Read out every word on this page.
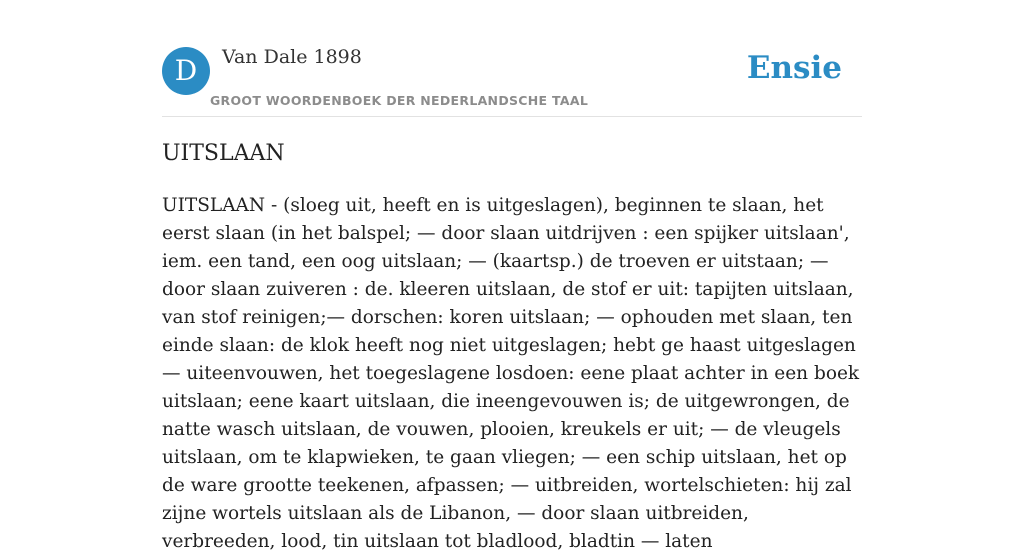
D	Van Dale 1898
GROOT WOORDENBOEK DER NEDERLANDSCHE TAAL
Ensie
UITSLAAN

UITSLAAN - (sloeg uit, heeft en is uitgeslagen), beginnen te slaan, het eerst slaan (in het balspel; — door slaan uitdrijven : een spijker uitslaan', iem. een tand, een oog uitslaan; — (kaartsp.) de troeven er uitstaan; — door slaan zuiveren : de. kleeren uitslaan, de stof er uit: tapijten uitslaan, van stof reinigen;— dorschen: koren uitslaan; — ophouden met slaan, ten einde slaan: de klok heeft nog niet uitgeslagen; hebt ge haast uitgeslagen — uiteenvouwen, het toegeslagene losdoen: eene plaat achter in een boek uitslaan; eene kaart uitslaan, die ineengevouwen is; de uitgewrongen, de natte wasch uitslaan, de vouwen, plooien, kreukels er uit; — de vleugels uitslaan, om te klapwieken, te gaan vliegen; — een schip uitslaan, het op de ware grootte teekenen, afpassen; — uitbreiden, wortelschieten: hij zal zijne wortels uitslaan als de Libanon, — door slaan uitbreiden, verbreeden, lood, tin uitslaan tot bladlood, bladtin — laten
